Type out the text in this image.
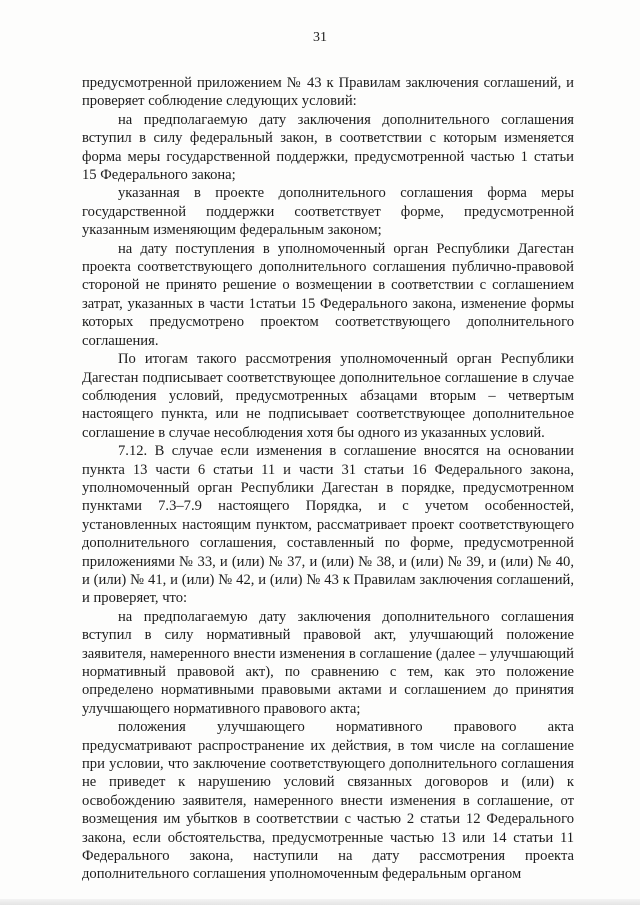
31

предусмотренной приложением № 43 к Правилам заключения соглашений, и проверяет соблюдение следующих условий:

на предполагаемую дату заключения дополнительного соглашения вступил в силу федеральный закон, в соответствии с которым изменяется форма меры государственной поддержки, предусмотренной частью 1 статьи 15 Федерального закона;

указанная в проекте дополнительного соглашения форма меры государственной поддержки соответствует форме, предусмотренной указанным изменяющим федеральным законом;

на дату поступления в уполномоченный орган Республики Дагестан проекта соответствующего дополнительного соглашения публично-правовой стороной не принято решение о возмещении в соответствии с соглашением затрат, указанных в части 1статьи 15 Федерального закона, изменение формы которых предусмотрено проектом соответствующего дополнительного соглашения.

По итогам такого рассмотрения уполномоченный орган Республики Дагестан подписывает соответствующее дополнительное соглашение в случае соблюдения условий, предусмотренных абзацами вторым – четвертым настоящего пункта, или не подписывает соответствующее дополнительное соглашение в случае несоблюдения хотя бы одного из указанных условий.

7.12. В случае если изменения в соглашение вносятся на основании пункта 13 части 6 статьи 11 и части 31 статьи 16 Федерального закона, уполномоченный орган Республики Дагестан в порядке, предусмотренном пунктами 7.3–7.9 настоящего Порядка, и с учетом особенностей, установленных настоящим пунктом, рассматривает проект соответствующего дополнительного соглашения, составленный по форме, предусмотренной приложениями № 33, и (или) № 37, и (или) № 38, и (или) № 39, и (или) № 40, и (или) № 41, и (или) № 42, и (или) № 43 к Правилам заключения соглашений, и проверяет, что:

на предполагаемую дату заключения дополнительного соглашения вступил в силу нормативный правовой акт, улучшающий положение заявителя, намеренного внести изменения в соглашение (далее – улучшающий нормативный правовой акт), по сравнению с тем, как это положение определено нормативными правовыми актами и соглашением до принятия улучшающего нормативного правового акта;

положения улучшающего нормативного правового акта предусматривают распространение их действия, в том числе на соглашение при условии, что заключение соответствующего дополнительного соглашения не приведет к нарушению условий связанных договоров и (или) к освобождению заявителя, намеренного внести изменения в соглашение, от возмещения им убытков в соответствии с частью 2 статьи 12 Федерального закона, если обстоятельства, предусмотренные частью 13 или 14 статьи 11 Федерального закона, наступили на дату рассмотрения проекта дополнительного соглашения уполномоченным федеральным органом
